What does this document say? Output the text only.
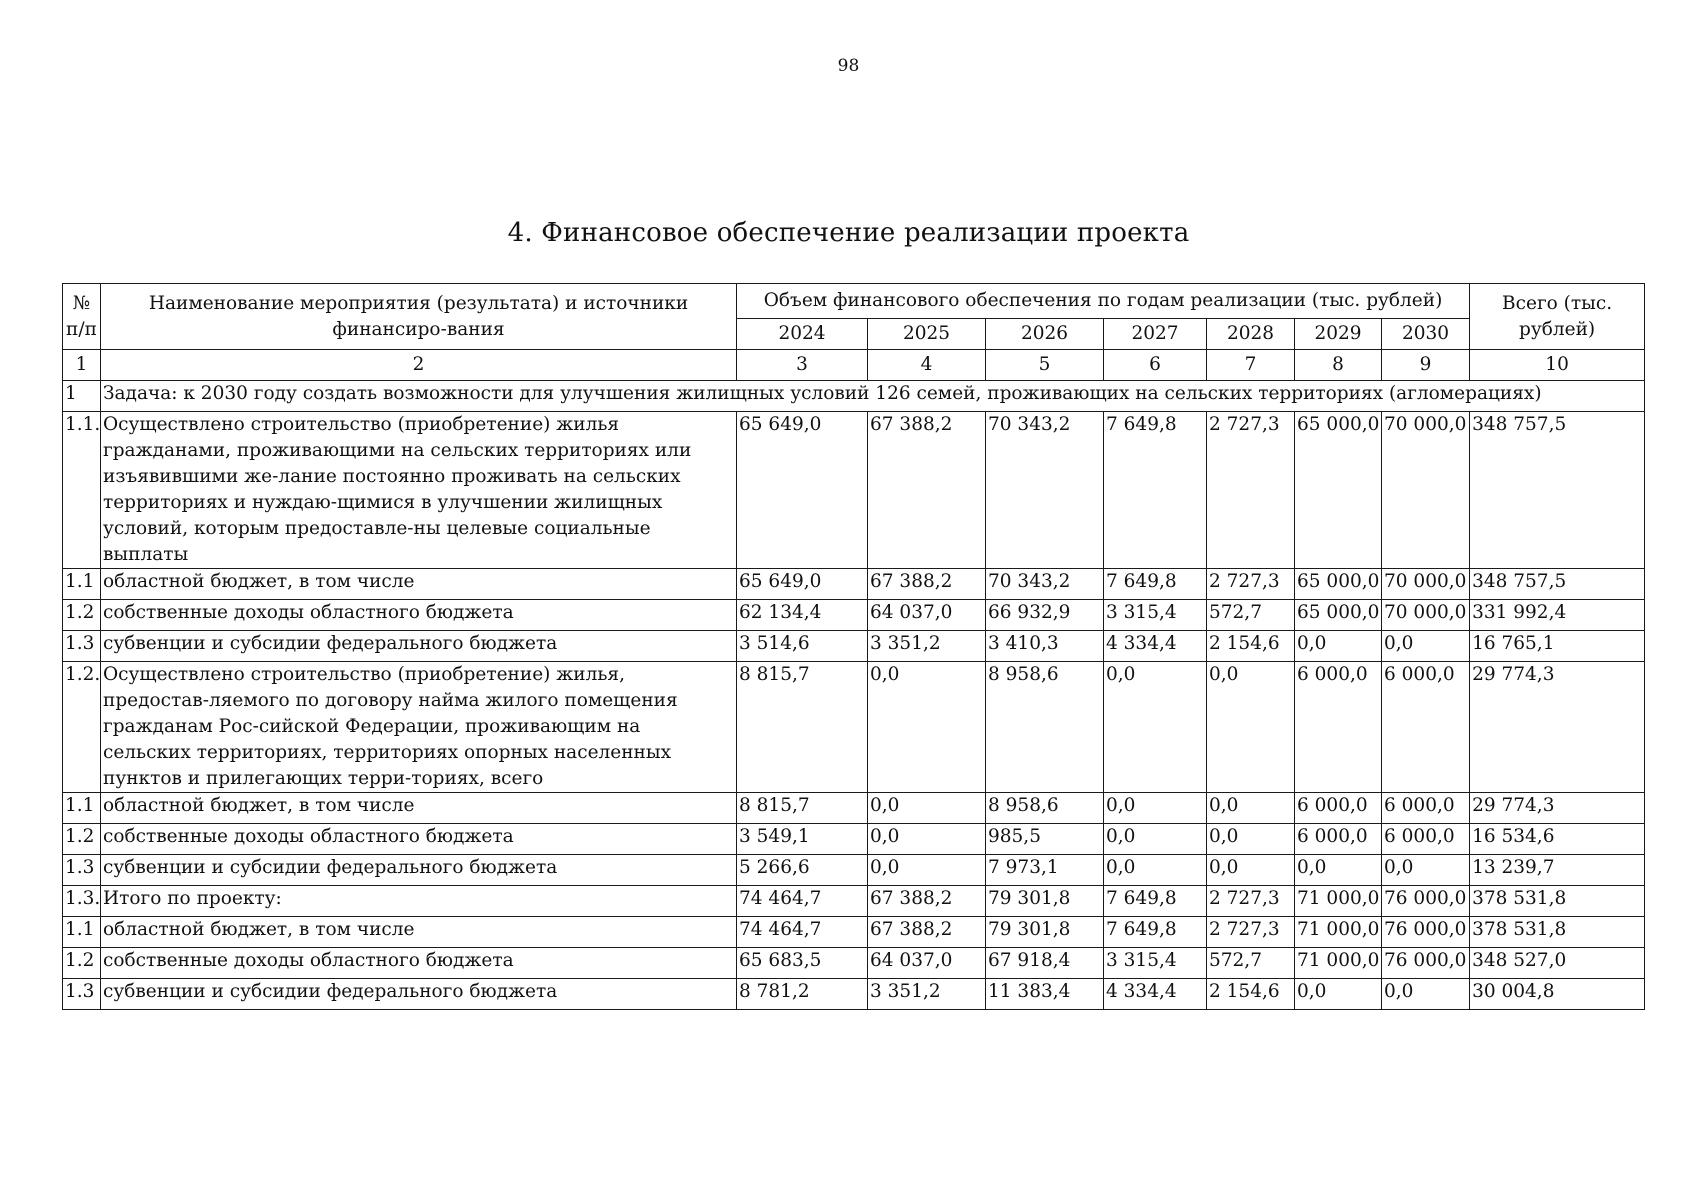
98
4. Финансовое обеспечение реализации проекта
№ п/п	Наименование мероприятия (результата) и источники финансиро-вания	Объем финансового обеспечения по годам реализации (тыс. рублей)							Всего (тыс. рублей)
		2024	2025	2026	2027	2028	2029	2030	
1	2	3	4	5	6	7	8	9	10
1	Задача: к 2030 году создать возможности для улучшения жилищных условий 126 семей, проживающих на сельских территориях (агломерациях)								
1.1.	Осуществлено строительство (приобретение) жилья гражданами, проживающими на сельских территориях или изъявившими же-лание постоянно проживать на сельских территориях и нуждаю-щимися в улучшении жилищных условий, которым предоставле-ны целевые социальные выплаты	65 649,0	67 388,2	70 343,2	7 649,8	2 727,3	65 000,0	70 000,0	348 757,5
1.1	областной бюджет, в том числе	65 649,0	67 388,2	70 343,2	7 649,8	2 727,3	65 000,0	70 000,0	348 757,5
1.2	собственные доходы областного бюджета	62 134,4	64 037,0	66 932,9	3 315,4	572,7	65 000,0	70 000,0	331 992,4
1.3	субвенции и субсидии федерального бюджета	3 514,6	3 351,2	3 410,3	4 334,4	2 154,6	0,0	0,0	16 765,1
1.2.	Осуществлено строительство (приобретение) жилья, предостав-ляемого по договору найма жилого помещения гражданам Рос-сийской Федерации, проживающим на сельских территориях, территориях опорных населенных пунктов и прилегающих терри-ториях, всего	8 815,7	0,0	8 958,6	0,0	0,0	6 000,0	6 000,0	29 774,3
1.1	областной бюджет, в том числе	8 815,7	0,0	8 958,6	0,0	0,0	6 000,0	6 000,0	29 774,3
1.2	собственные доходы областного бюджета	3 549,1	0,0	985,5	0,0	0,0	6 000,0	6 000,0	16 534,6
1.3	субвенции и субсидии федерального бюджета	5 266,6	0,0	7 973,1	0,0	0,0	0,0	0,0	13 239,7
1.3.	Итого по проекту:	74 464,7	67 388,2	79 301,8	7 649,8	2 727,3	71 000,0	76 000,0	378 531,8
1.1	областной бюджет, в том числе	74 464,7	67 388,2	79 301,8	7 649,8	2 727,3	71 000,0	76 000,0	378 531,8
1.2	собственные доходы областного бюджета	65 683,5	64 037,0	67 918,4	3 315,4	572,7	71 000,0	76 000,0	348 527,0
1.3	субвенции и субсидии федерального бюджета	8 781,2	3 351,2	11 383,4	4 334,4	2 154,6	0,0	0,0	30 004,8
